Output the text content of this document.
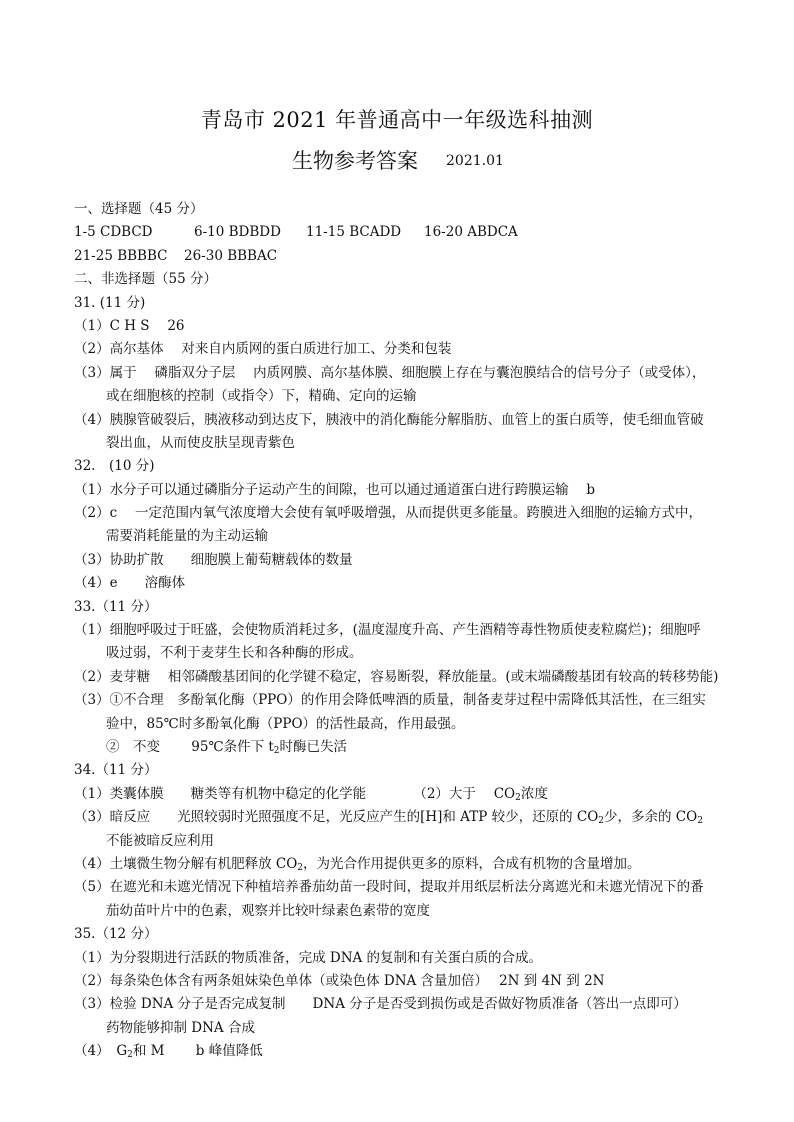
青岛市 2021 年普通高中一年级选科抽测
生物参考答案 2021.01
一、选择题（45 分）
1-5 CDBCD	6-10 BDBDD 11-15 BCADD 16-20 ABDCA
21-25 BBBBC 26-30 BBBAC
二、非选择题（55 分）
31. (11 分)
（1）C H S　 26
（2）高尔基体　 对来自内质网的蛋白质进行加工、分类和包装
（3）属于　 磷脂双分子层　 内质网膜、高尔基体膜、细胞膜上存在与囊泡膜结合的信号分子（或受体），
或在细胞核的控制（或指令）下，精确、定向的运输
（4）胰腺管破裂后，胰液移动到达皮下，胰液中的消化酶能分解脂肪、血管上的蛋白质等，使毛细血管破
裂出血，从而使皮肤呈现青紫色
32.　(10 分)
（1）水分子可以通过磷脂分子运动产生的间隙，也可以通过通道蛋白进行跨膜运输　 b
（2）c　 一定范围内氧气浓度增大会使有氧呼吸增强，从而提供更多能量。跨膜进入细胞的运输方式中，
需要消耗能量的为主动运输
（3）协助扩散　　细胞膜上葡萄糖载体的数量
（4）e　　溶酶体
33.（11 分）
（1）细胞呼吸过于旺盛，会使物质消耗过多，(温度湿度升高、产生酒精等毒性物质使麦粒腐烂)；细胞呼
吸过弱，不利于麦芽生长和各种酶的形成。
（2）麦芽糖　 相邻磷酸基团间的化学键不稳定，容易断裂，释放能量。(或末端磷酸基团有较高的转移势能)
（3）①不合理　多酚氧化酶（PPO）的作用会降低啤酒的质量，制备麦芽过程中需降低其活性，在三组实
验中，85℃时多酚氧化酶（PPO）的活性最高，作用最强。
②　不变　　 95℃条件下 $t_2$时酶已失活
34.（11 分）
（1）类囊体膜　　糖类等有机物中稳定的化学能　　　　（2）大于　 $CO_2$浓度
（3）暗反应　　光照较弱时光照强度不足，光反应产生的[H]和 ATP 较少，还原的 $CO_2$少，多余的 $CO_2$
不能被暗反应利用
（4）土壤微生物分解有机肥释放 $CO_2$，为光合作用提供更多的原料，合成有机物的含量增加。
（5）在遮光和未遮光情况下种植培养番茄幼苗一段时间，提取并用纸层析法分离遮光和未遮光情况下的番
茄幼苗叶片中的色素，观察并比较叶绿素色素带的宽度
35.（12 分）
（1）为分裂期进行活跃的物质准备，完成 DNA 的复制和有关蛋白质的合成。
（2）每条染色体含有两条姐妹染色单体（或染色体 DNA 含量加倍）　 2N 到 4N 到 2N
（3）检验 DNA 分子是否完成复制　　DNA 分子是否受到损伤或是否做好物质准备（答出一点即可）
药物能够抑制 DNA 合成
（4）　$G_2$和 M　　 b 峰值降低
